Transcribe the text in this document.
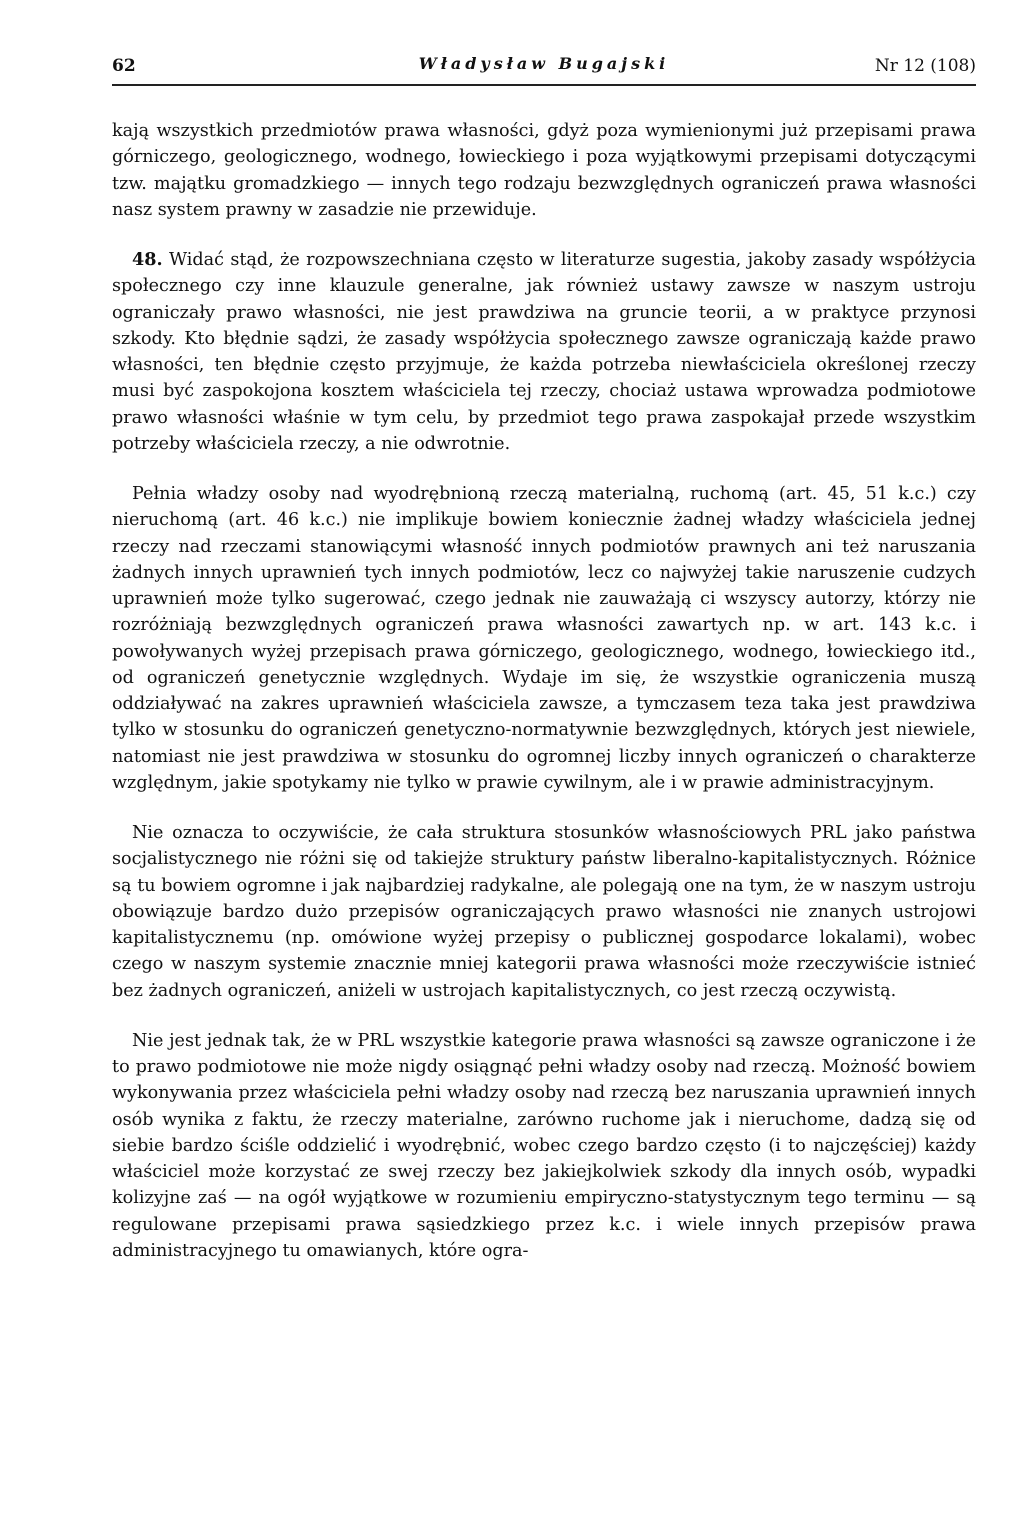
62	Władysław Bugajski	Nr 12 (108)

kają wszystkich przedmiotów prawa własności, gdyż poza wymienionymi już przepisami prawa górniczego, geologicznego, wodnego, łowieckiego i poza wyjątkowymi przepisami dotyczącymi tzw. majątku gromadzkiego — innych tego rodzaju bezwzględnych ograniczeń prawa własności nasz system prawny w zasadzie nie przewiduje.

48. Widać stąd, że rozpowszechniana często w literaturze sugestia, jakoby zasady współżycia społecznego czy inne klauzule generalne, jak również ustawy zawsze w naszym ustroju ograniczały prawo własności, nie jest prawdziwa na gruncie teorii, a w praktyce przynosi szkody. Kto błędnie sądzi, że zasady współżycia społecznego zawsze ograniczają każde prawo własności, ten błędnie często przyjmuje, że każda potrzeba niewłaściciela określonej rzeczy musi być zaspokojona kosztem właściciela tej rzeczy, chociaż ustawa wprowadza podmiotowe prawo własności właśnie w tym celu, by przedmiot tego prawa zaspokajał przede wszystkim potrzeby właściciela rzeczy, a nie odwrotnie.

Pełnia władzy osoby nad wyodrębnioną rzeczą materialną, ruchomą (art. 45, 51 k.c.) czy nieruchomą (art. 46 k.c.) nie implikuje bowiem koniecznie żadnej władzy właściciela jednej rzeczy nad rzeczami stanowiącymi własność innych podmiotów prawnych ani też naruszania żadnych innych uprawnień tych innych podmiotów, lecz co najwyżej takie naruszenie cudzych uprawnień może tylko sugerować, czego jednak nie zauważają ci wszyscy autorzy, którzy nie rozróżniają bezwzględnych ograniczeń prawa własności zawartych np. w art. 143 k.c. i powoływanych wyżej przepisach prawa górniczego, geologicznego, wodnego, łowieckiego itd., od ograniczeń genetycznie względnych. Wydaje im się, że wszystkie ograniczenia muszą oddziaływać na zakres uprawnień właściciela zawsze, a tymczasem teza taka jest prawdziwa tylko w stosunku do ograniczeń genetyczno-normatywnie bezwzględnych, których jest niewiele, natomiast nie jest prawdziwa w stosunku do ogromnej liczby innych ograniczeń o charakterze względnym, jakie spotykamy nie tylko w prawie cywilnym, ale i w prawie administracyjnym.

Nie oznacza to oczywiście, że cała struktura stosunków własnościowych PRL jako państwa socjalistycznego nie różni się od takiejże struktury państw liberalno-kapitalistycznych. Różnice są tu bowiem ogromne i jak najbardziej radykalne, ale polegają one na tym, że w naszym ustroju obowiązuje bardzo dużo przepisów ograniczających prawo własności nie znanych ustrojowi kapitalistycznemu (np. omówione wyżej przepisy o publicznej gospodarce lokalami), wobec czego w naszym systemie znacznie mniej kategorii prawa własności może rzeczywiście istnieć bez żadnych ograniczeń, aniżeli w ustrojach kapitalistycznych, co jest rzeczą oczywistą.

Nie jest jednak tak, że w PRL wszystkie kategorie prawa własności są zawsze ograniczone i że to prawo podmiotowe nie może nigdy osiągnąć pełni władzy osoby nad rzeczą. Możność bowiem wykonywania przez właściciela pełni władzy osoby nad rzeczą bez naruszania uprawnień innych osób wynika z faktu, że rzeczy materialne, zarówno ruchome jak i nieruchome, dadzą się od siebie bardzo ściśle oddzielić i wyodrębnić, wobec czego bardzo często (i to najczęściej) każdy właściciel może korzystać ze swej rzeczy bez jakiejkolwiek szkody dla innych osób, wypadki kolizyjne zaś — na ogół wyjątkowe w rozumieniu empiryczno-statystycznym tego terminu — są regulowane przepisami prawa sąsiedzkiego przez k.c. i wiele innych przepisów prawa administracyjnego tu omawianych, które ogra-
